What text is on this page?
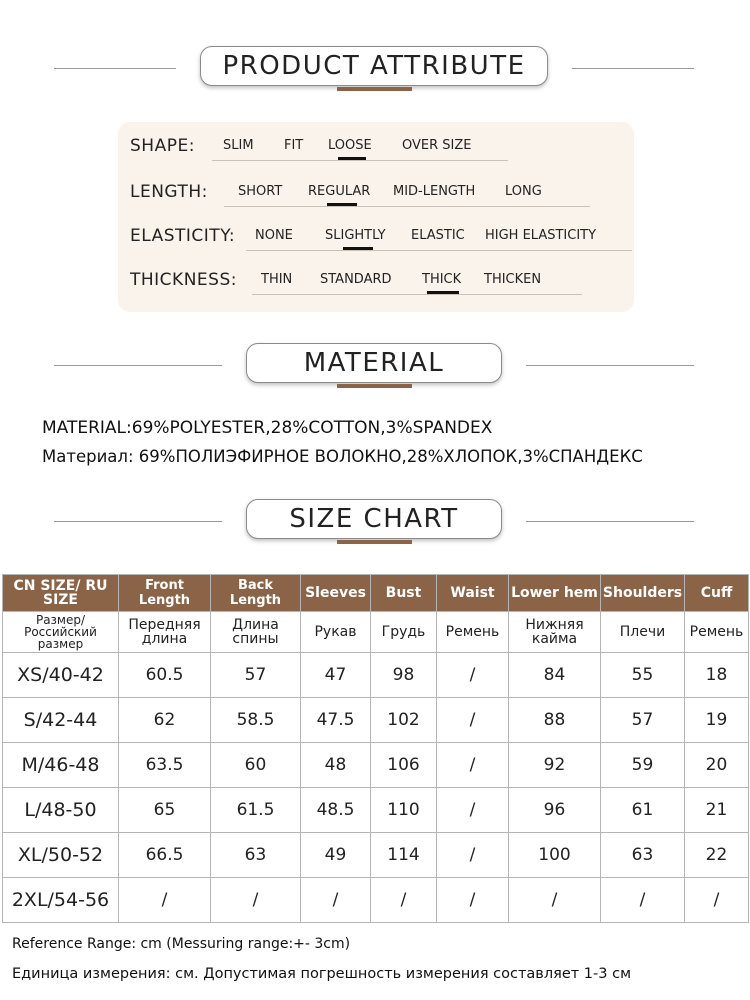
PRODUCT ATTRIBUTE
SHAPE: SLIM FIT LOOSE OVER SIZE
LENGTH: SHORT REGULAR MID-LENGTH LONG
ELASTICITY: NONE SLIGHTLY ELASTIC HIGH ELASTICITY
THICKNESS: THIN STANDARD THICK THICKEN
MATERIAL
MATERIAL:69%POLYESTER,28%COTTON,3%SPANDEX
Материал: 69%ПОЛИЭФИРНОЕ ВОЛОКНО,28%ХЛОПОК,3%СПАНДЕКС
SIZE CHART
CN SIZE/ RU SIZE	Front Length	Back Length	Sleeves	Bust	Waist	Lower hem	Shoulders	Cuff
Размер/ Российский размер	Передняя длина	Длина спины	Рукав	Грудь	Ремень	Нижняя кайма	Плечи	Ремень
XS/40-42	60.5	57	47	98	/	84	55	18
S/42-44	62	58.5	47.5	102	/	88	57	19
M/46-48	63.5	60	48	106	/	92	59	20
L/48-50	65	61.5	48.5	110	/	96	61	21
XL/50-52	66.5	63	49	114	/	100	63	22
2XL/54-56	/	/	/	/	/	/	/	/
Reference Range: cm (Messuring range:+- 3cm)
Единица измерения: см. Допустимая погрешность измерения составляет 1-3 см
